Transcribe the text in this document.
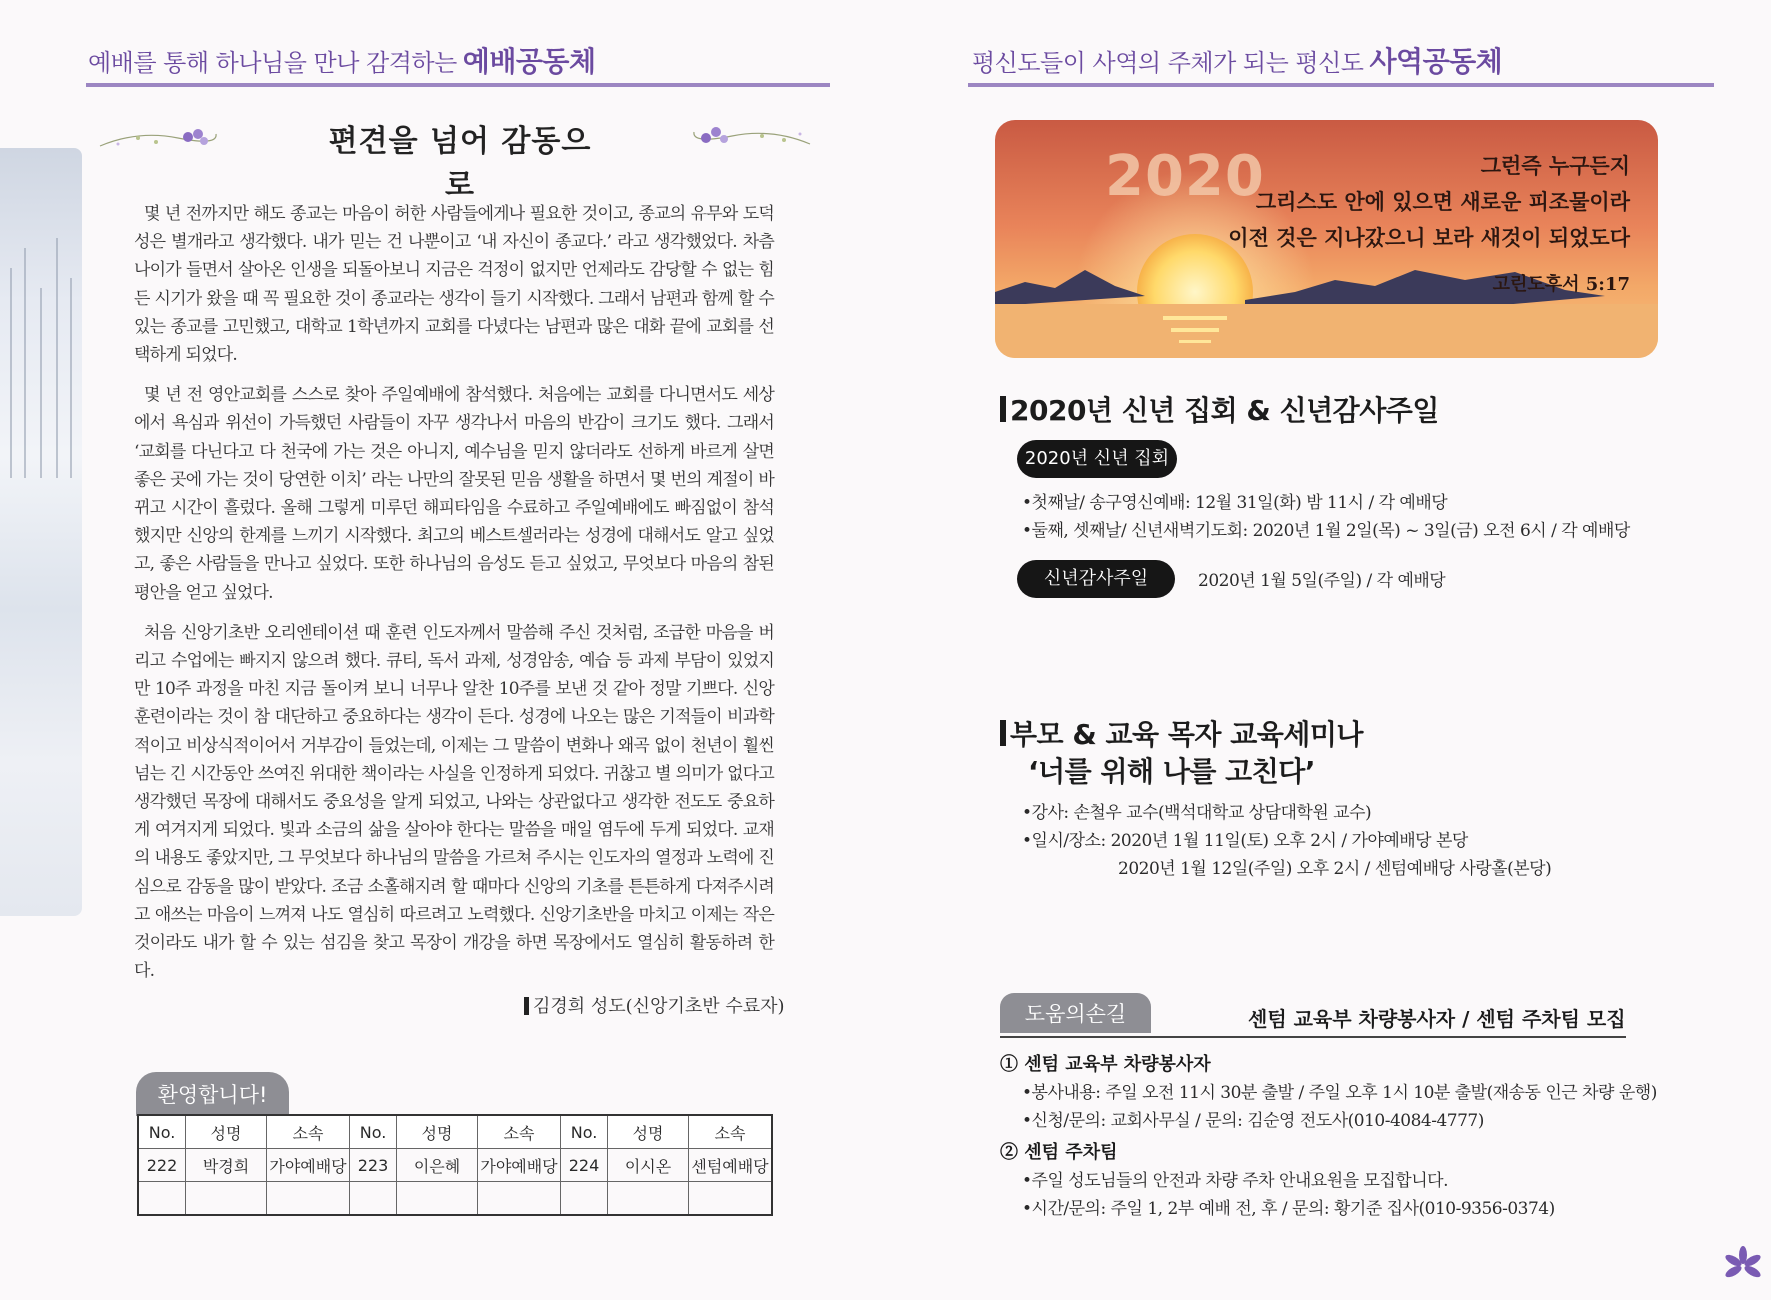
예배를 통해 하나님을 만나 감격하는 예배공동체
편견을 넘어 감동으로

몇 년 전까지만 해도 종교는 마음이 허한 사람들에게나 필요한 것이고, 종교의 유무와 도덕성은 별개라고 생각했다. 내가 믿는 건 나뿐이고 ‘내 자신이 종교다.’ 라고 생각했었다. 차츰 나이가 들면서 살아온 인생을 되돌아보니 지금은 걱정이 없지만 언제라도 감당할 수 없는 힘든 시기가 왔을 때 꼭 필요한 것이 종교라는 생각이 들기 시작했다. 그래서 남편과 함께 할 수 있는 종교를 고민했고, 대학교 1학년까지 교회를 다녔다는 남편과 많은 대화 끝에 교회를 선택하게 되었다.

몇 년 전 영안교회를 스스로 찾아 주일예배에 참석했다. 처음에는 교회를 다니면서도 세상에서 욕심과 위선이 가득했던 사람들이 자꾸 생각나서 마음의 반감이 크기도 했다. 그래서 ‘교회를 다닌다고 다 천국에 가는 것은 아니지, 예수님을 믿지 않더라도 선하게 바르게 살면 좋은 곳에 가는 것이 당연한 이치’ 라는 나만의 잘못된 믿음 생활을 하면서 몇 번의 계절이 바뀌고 시간이 흘렀다. 올해 그렇게 미루던 해피타임을 수료하고 주일예배에도 빠짐없이 참석했지만 신앙의 한계를 느끼기 시작했다. 최고의 베스트셀러라는 성경에 대해서도 알고 싶었고, 좋은 사람들을 만나고 싶었다. 또한 하나님의 음성도 듣고 싶었고, 무엇보다 마음의 참된 평안을 얻고 싶었다.

처음 신앙기초반 오리엔테이션 때 훈련 인도자께서 말씀해 주신 것처럼, 조급한 마음을 버리고 수업에는 빠지지 않으려 했다. 큐티, 독서 과제, 성경암송, 예습 등 과제 부담이 있었지만 10주 과정을 마친 지금 돌이켜 보니 너무나 알찬 10주를 보낸 것 같아 정말 기쁘다. 신앙훈련이라는 것이 참 대단하고 중요하다는 생각이 든다. 성경에 나오는 많은 기적들이 비과학적이고 비상식적이어서 거부감이 들었는데, 이제는 그 말씀이 변화나 왜곡 없이 천년이 훨씬 넘는 긴 시간동안 쓰여진 위대한 책이라는 사실을 인정하게 되었다. 귀찮고 별 의미가 없다고 생각했던 목장에 대해서도 중요성을 알게 되었고, 나와는 상관없다고 생각한 전도도 중요하게 여겨지게 되었다. 빛과 소금의 삶을 살아야 한다는 말씀을 매일 염두에 두게 되었다. 교재의 내용도 좋았지만, 그 무엇보다 하나님의 말씀을 가르쳐 주시는 인도자의 열정과 노력에 진심으로 감동을 많이 받았다. 조금 소홀해지려 할 때마다 신앙의 기초를 튼튼하게 다져주시려고 애쓰는 마음이 느껴져 나도 열심히 따르려고 노력했다. 신앙기초반을 마치고 이제는 작은 것이라도 내가 할 수 있는 섬김을 찾고 목장이 개강을 하면 목장에서도 열심히 활동하려 한다.

김경희 성도(신앙기초반 수료자)
환영합니다!
No.	성명	소속	No.	성명	소속	No.	성명	소속
222	박경희	가야예배당	223	이은혜	가야예배당	224	이시온	센텀예배당

평신도들이 사역의 주체가 되는 평신도 사역공동체
2020	그런즉 누구든지
그리스도 안에 있으면 새로운 피조물이라
이전 것은 지나갔으니 보라 새것이 되었도다
고린도후서 5:17
2020년 신년 집회 & 신년감사주일
2020년 신년 집회
•첫째날/ 송구영신예배: 12월 31일(화) 밤 11시 / 각 예배당
•둘째, 셋째날/ 신년새벽기도회: 2020년 1월 2일(목) ~ 3일(금) 오전 6시 / 각 예배당
신년감사주일	2020년 1월 5일(주일) / 각 예배당
부모 & 교육 목자 교육세미나
‘너를 위해 나를 고친다’
•강사: 손철우 교수(백석대학교 상담대학원 교수)
•일시/장소: 2020년 1월 11일(토) 오후 2시 / 가야예배당 본당
2020년 1월 12일(주일) 오후 2시 / 센텀예배당 사랑홀(본당)
도움의손길	센텀 교육부 차량봉사자 / 센텀 주차팀 모집
① 센텀 교육부 차량봉사자
•봉사내용: 주일 오전 11시 30분 출발 / 주일 오후 1시 10분 출발(재송동 인근 차량 운행)
•신청/문의: 교회사무실 / 문의: 김순영 전도사(010-4084-4777)
② 센텀 주차팀
•주일 성도님들의 안전과 차량 주차 안내요원을 모집합니다.
•시간/문의: 주일 1, 2부 예배 전, 후 / 문의: 황기준 집사(010-9356-0374)
